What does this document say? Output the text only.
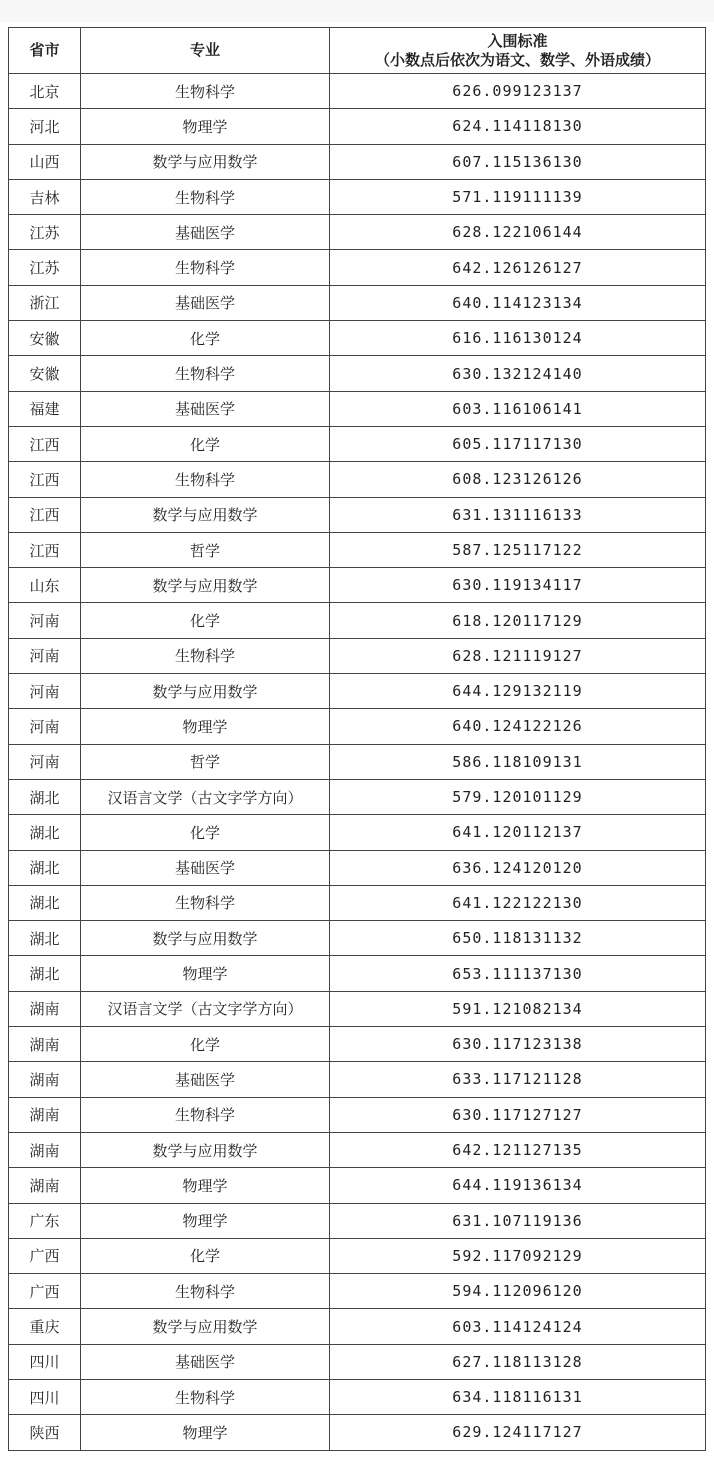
省市	专业	入围标准
（小数点后依次为语文、数学、外语成绩）

北京	生物科学	626.099123137
河北	物理学	624.114118130
山西	数学与应用数学	607.115136130
吉林	生物科学	571.119111139
江苏	基础医学	628.122106144
江苏	生物科学	642.126126127
浙江	基础医学	640.114123134
安徽	化学	616.116130124
安徽	生物科学	630.132124140
福建	基础医学	603.116106141
江西	化学	605.117117130
江西	生物科学	608.123126126
江西	数学与应用数学	631.131116133
江西	哲学	587.125117122
山东	数学与应用数学	630.119134117
河南	化学	618.120117129
河南	生物科学	628.121119127
河南	数学与应用数学	644.129132119
河南	物理学	640.124122126
河南	哲学	586.118109131
湖北	汉语言文学（古文字学方向）	579.120101129
湖北	化学	641.120112137
湖北	基础医学	636.124120120
湖北	生物科学	641.122122130
湖北	数学与应用数学	650.118131132
湖北	物理学	653.111137130
湖南	汉语言文学（古文字学方向）	591.121082134
湖南	化学	630.117123138
湖南	基础医学	633.117121128
湖南	生物科学	630.117127127
湖南	数学与应用数学	642.121127135
湖南	物理学	644.119136134
广东	物理学	631.107119136
广西	化学	592.117092129
广西	生物科学	594.112096120
重庆	数学与应用数学	603.114124124
四川	基础医学	627.118113128
四川	生物科学	634.118116131
陕西	物理学	629.124117127
